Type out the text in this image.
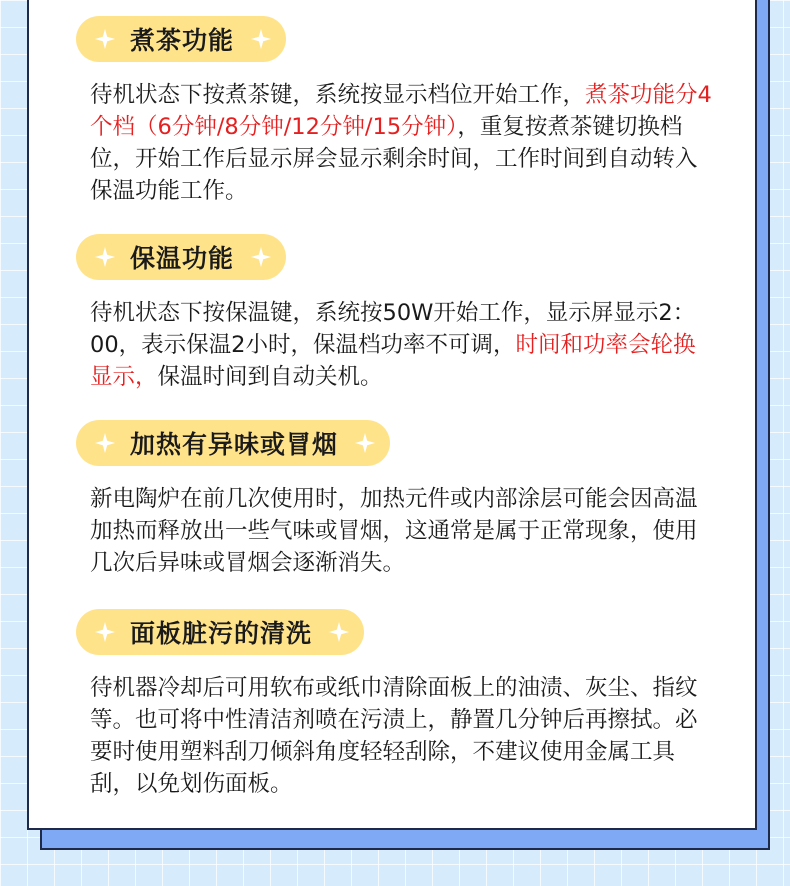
煮茶功能

待机状态下按煮茶键，系统按显示档位开始工作，煮茶功能分4个档（6分钟/8分钟/12分钟/15分钟），重复按煮茶键切换档位，开始工作后显示屏会显示剩余时间，工作时间到自动转入保温功能工作。

保温功能

待机状态下按保温键，系统按50W开始工作，显示屏显示2：00，表示保温2小时，保温档功率不可调，时间和功率会轮换显示，保温时间到自动关机。

加热有异味或冒烟

新电陶炉在前几次使用时，加热元件或内部涂层可能会因高温加热而释放出一些气味或冒烟，这通常是属于正常现象，使用几次后异味或冒烟会逐渐消失。

面板脏污的清洗

待机器冷却后可用软布或纸巾清除面板上的油渍、灰尘、指纹等。也可将中性清洁剂喷在污渍上，静置几分钟后再擦拭。必要时使用塑料刮刀倾斜角度轻轻刮除，不建议使用金属工具刮，以免划伤面板。
